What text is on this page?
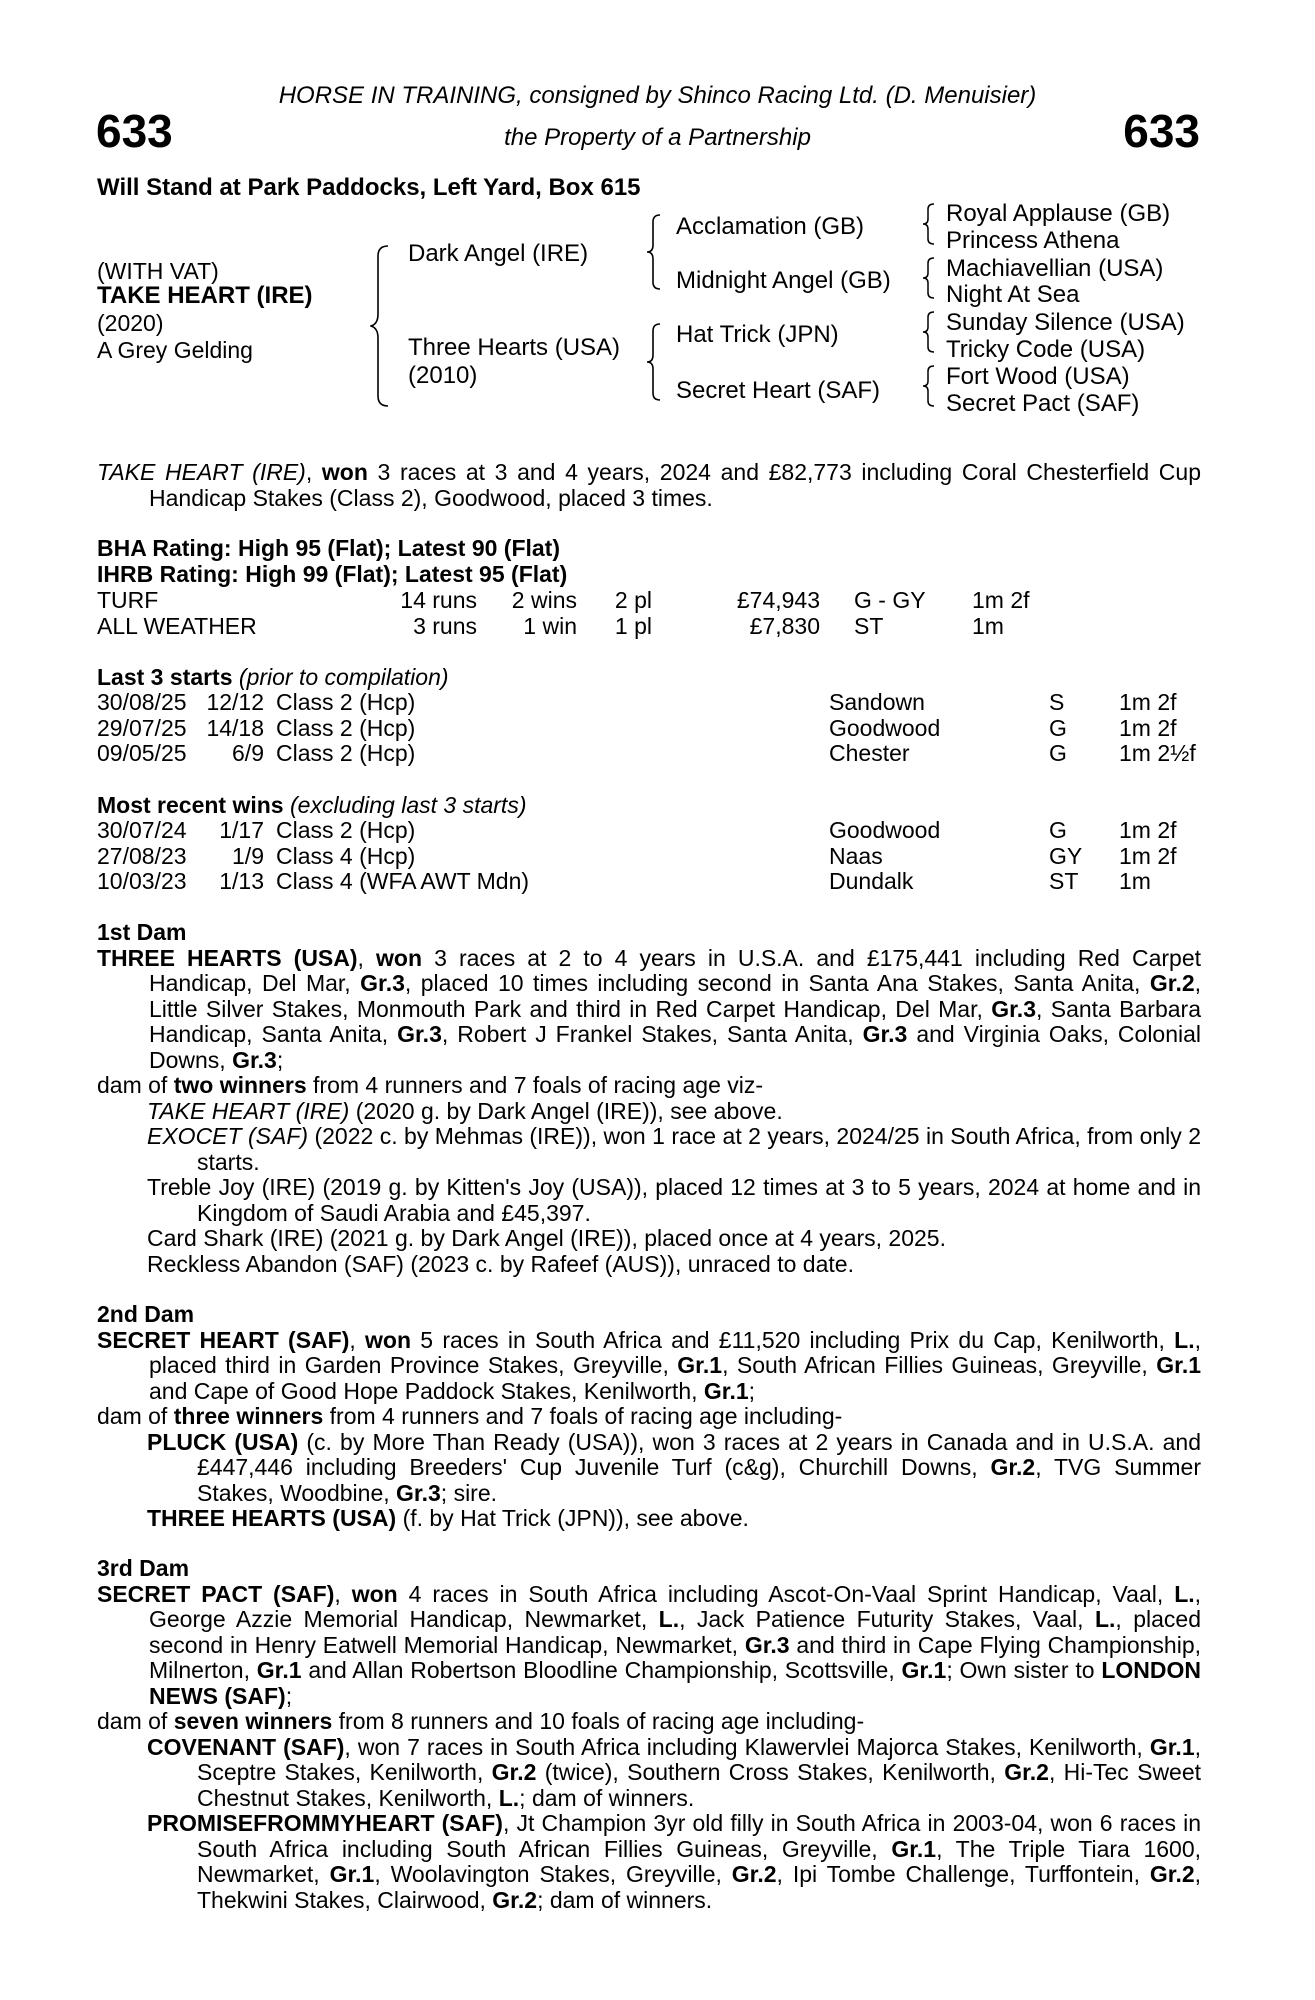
HORSE IN TRAINING, consigned by Shinco Racing Ltd. (D. Menuisier)
the Property of a Partnership
633	633
Will Stand at Park Paddocks, Left Yard, Box 615
(WITH VAT)
TAKE HEART (IRE)
(2020)
A Grey Gelding
Dark Angel (IRE)
Three Hearts (USA)
(2010)
Acclamation (GB)
Midnight Angel (GB)
Hat Trick (JPN)
Secret Heart (SAF)
Royal Applause (GB)
Princess Athena
Machiavellian (USA)
Night At Sea
Sunday Silence (USA)
Tricky Code (USA)
Fort Wood (USA)
Secret Pact (SAF)

TAKE HEART (IRE), won 3 races at 3 and 4 years, 2024 and £82,773 including Coral Chesterfield Cup Handicap Stakes (Class 2), Goodwood, placed 3 times.

BHA Rating: High 95 (Flat); Latest 90 (Flat)
IHRB Rating: High 99 (Flat); Latest 95 (Flat)
TURF	14 runs	2 wins	2 pl	£74,943	G - GY	1m 2f
ALL WEATHER	3 runs	1 win	1 pl	£7,830	ST	1m
Last 3 starts (prior to compilation)
30/08/25	12/12	Class 2 (Hcp)	Sandown	S	1m 2f
29/07/25	14/18	Class 2 (Hcp)	Goodwood	G	1m 2f
09/05/25	6/9	Class 2 (Hcp)	Chester	G	1m 2½f
Most recent wins (excluding last 3 starts)
30/07/24	1/17	Class 2 (Hcp)	Goodwood	G	1m 2f
27/08/23	1/9	Class 4 (Hcp)	Naas	GY	1m 2f
10/03/23	1/13	Class 4 (WFA AWT Mdn)	Dundalk	ST	1m

1st Dam

THREE HEARTS (USA), won 3 races at 2 to 4 years in U.S.A. and £175,441 including Red Carpet Handicap, Del Mar, Gr.3, placed 10 times including second in Santa Ana Stakes, Santa Anita, Gr.2, Little Silver Stakes, Monmouth Park and third in Red Carpet Handicap, Del Mar, Gr.3, Santa Barbara Handicap, Santa Anita, Gr.3, Robert J Frankel Stakes, Santa Anita, Gr.3 and Virginia Oaks, Colonial Downs, Gr.3;

dam of two winners from 4 runners and 7 foals of racing age viz-

TAKE HEART (IRE) (2020 g. by Dark Angel (IRE)), see above.

EXOCET (SAF) (2022 c. by Mehmas (IRE)), won 1 race at 2 years, 2024/25 in South Africa, from only 2 starts.

Treble Joy (IRE) (2019 g. by Kitten's Joy (USA)), placed 12 times at 3 to 5 years, 2024 at home and in Kingdom of Saudi Arabia and £45,397.

Card Shark (IRE) (2021 g. by Dark Angel (IRE)), placed once at 4 years, 2025.

Reckless Abandon (SAF) (2023 c. by Rafeef (AUS)), unraced to date.

2nd Dam

SECRET HEART (SAF), won 5 races in South Africa and £11,520 including Prix du Cap, Kenilworth, L., placed third in Garden Province Stakes, Greyville, Gr.1, South African Fillies Guineas, Greyville, Gr.1 and Cape of Good Hope Paddock Stakes, Kenilworth, Gr.1;

dam of three winners from 4 runners and 7 foals of racing age including-

PLUCK (USA) (c. by More Than Ready (USA)), won 3 races at 2 years in Canada and in U.S.A. and £447,446 including Breeders' Cup Juvenile Turf (c&g), Churchill Downs, Gr.2, TVG Summer Stakes, Woodbine, Gr.3; sire.

THREE HEARTS (USA) (f. by Hat Trick (JPN)), see above.

3rd Dam

SECRET PACT (SAF), won 4 races in South Africa including Ascot-On-Vaal Sprint Handicap, Vaal, L., George Azzie Memorial Handicap, Newmarket, L., Jack Patience Futurity Stakes, Vaal, L., placed second in Henry Eatwell Memorial Handicap, Newmarket, Gr.3 and third in Cape Flying Championship, Milnerton, Gr.1 and Allan Robertson Bloodline Championship, Scottsville, Gr.1; Own sister to LONDON NEWS (SAF);

dam of seven winners from 8 runners and 10 foals of racing age including-

COVENANT (SAF), won 7 races in South Africa including Klawervlei Majorca Stakes, Kenilworth, Gr.1, Sceptre Stakes, Kenilworth, Gr.2 (twice), Southern Cross Stakes, Kenilworth, Gr.2, Hi-Tec Sweet Chestnut Stakes, Kenilworth, L.; dam of winners.

PROMISEFROMMYHEART (SAF), Jt Champion 3yr old filly in South Africa in 2003-04, won 6 races in South Africa including South African Fillies Guineas, Greyville, Gr.1, The Triple Tiara 1600, Newmarket, Gr.1, Woolavington Stakes, Greyville, Gr.2, Ipi Tombe Challenge, Turffontein, Gr.2, Thekwini Stakes, Clairwood, Gr.2; dam of winners.
